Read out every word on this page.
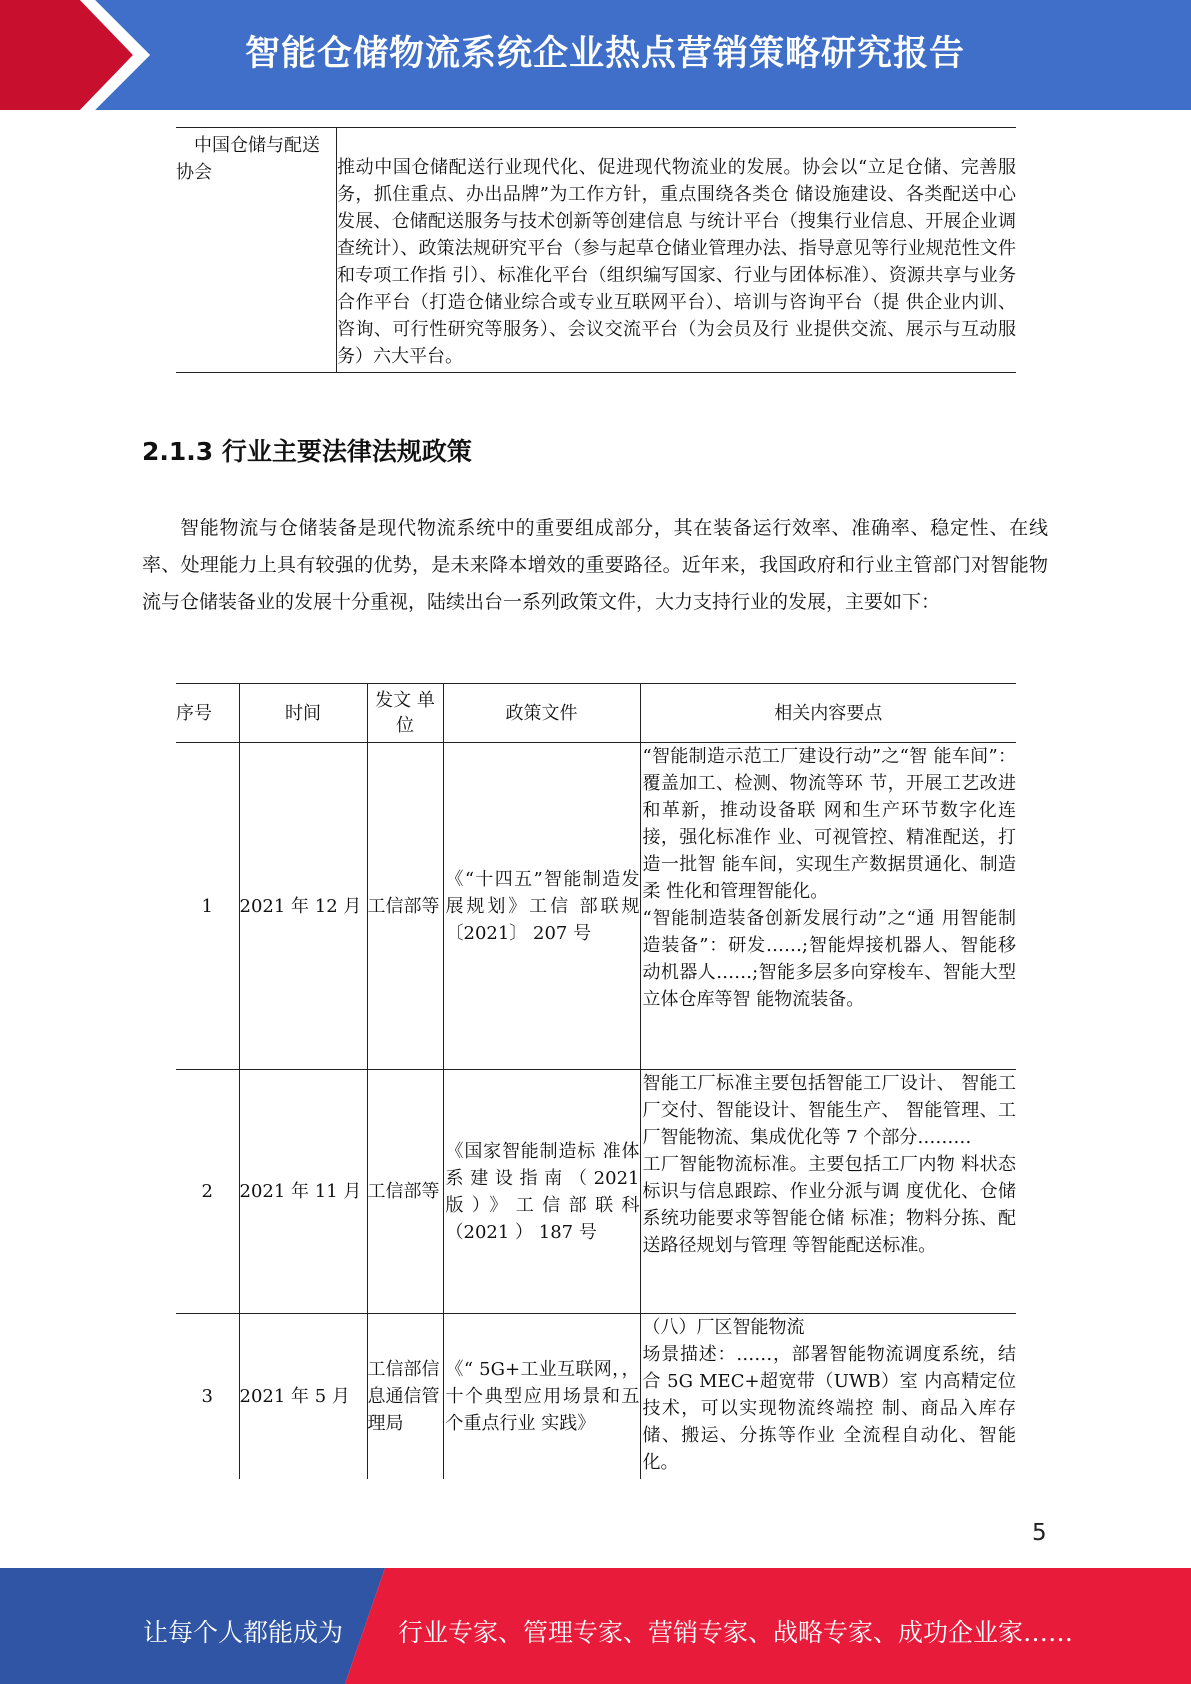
智能仓储物流系统企业热点营销策略研究报告
中国仓储与配送协会	推动中国仓储配送行业现代化、促进现代物流业的发展。协会以“立足仓储、完善服务，抓住重点、办出品牌”为工作方针，重点围绕各类仓 储设施建设、各类配送中心发展、仓储配送服务与技术创新等创建信息 与统计平台（搜集行业信息、开展企业调查统计）、政策法规研究平台（参与起草仓储业管理办法、指导意见等行业规范性文件和专项工作指 引）、标准化平台（组织编写国家、行业与团体标准）、资源共享与业务 合作平台（打造仓储业综合或专业互联网平台）、培训与咨询平台（提 供企业内训、咨询、可行性研究等服务）、会议交流平台（为会员及行 业提供交流、展示与互动服务）六大平台。
2.1.3 行业主要法律法规政策

智能物流与仓储装备是现代物流系统中的重要组成部分，其在装备运行效率、准确率、稳定性、在线率、处理能力上具有较强的优势，是未来降本增效的重要路径。近年来，我国政府和行业主管部门对智能物流与仓储装备业的发展十分重视，陆续出台一系列政策文件，大力支持行业的发展，主要如下：

序号	时间	发文 单位	政策文件	相关内容要点
1	2021 年 12 月	工信部等	《“十四五”智能制造发展规划》工信 部联规〔2021〕 207 号	“智能制造示范工厂建设行动”之“智 能车间”：覆盖加工、检测、物流等环 节，开展工艺改进和革新，推动设备联 网和生产环节数字化连接，强化标准作 业、可视管控、精准配送，打造一批智 能车间，实现生产数据贯通化、制造柔 性化和管理智能化。

“智能制造装备创新发展行动”之“通 用智能制造装备”：研发……;智能焊接机器人、智能移动机器人……;智能多层多向穿梭车、智能大型立体仓库等智 能物流装备。

2	2021 年 11 月	工信部等	《国家智能制造标 准体系建设指南（2021 版）》工信部联科（2021 ） 187 号	智能工厂标准主要包括智能工厂设计、 智能工厂交付、智能设计、智能生产、 智能管理、工厂智能物流、集成优化等 7 个部分………

工厂智能物流标准。主要包括工厂内物 料状态标识与信息跟踪、作业分派与调 度优化、仓储系统功能要求等智能仓储 标准；物料分拣、配送路径规划与管理 等智能配送标准。

3	2021 年 5 月	工信部信息通信管理局	《“ 5G+工业互联网，，十个典型应用场景和五个重点行业 实践》	（八）厂区智能物流

场景描述：……，部署智能物流调度系统，结合 5G MEC+超宽带（UWB）室 内高精定位技术，可以实现物流终端控 制、商品入库存储、搬运、分拣等作业 全流程自动化、智能化。

5
让每个人都能成为 行业专家、管理专家、营销专家、战略专家、成功企业家……
